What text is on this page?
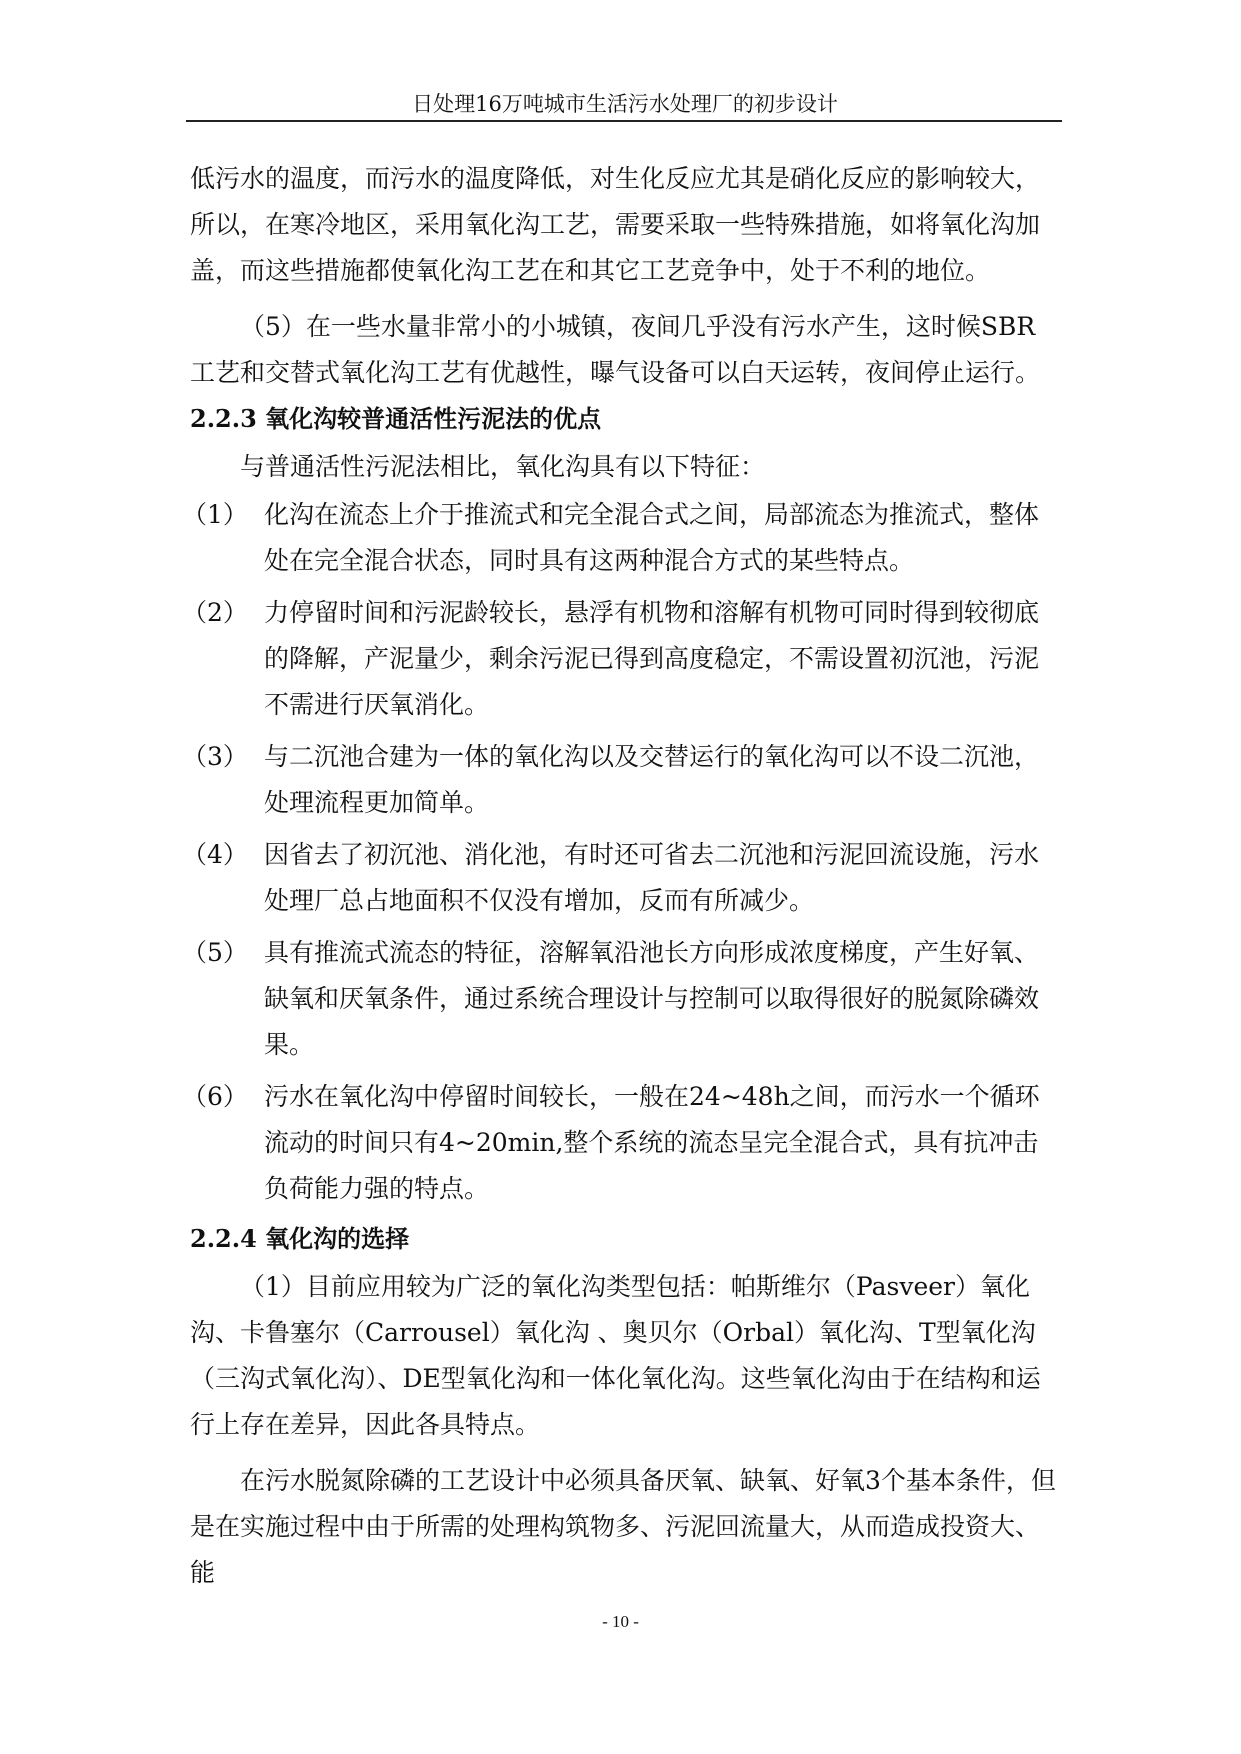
日处理16万吨城市生活污水处理厂的初步设计

低污水的温度，而污水的温度降低，对生化反应尤其是硝化反应的影响较大，所以，在寒冷地区，采用氧化沟工艺，需要采取一些特殊措施，如将氧化沟加盖，而这些措施都使氧化沟工艺在和其它工艺竞争中，处于不利的地位。

（5）在一些水量非常小的小城镇，夜间几乎没有污水产生，这时候SBR工艺和交替式氧化沟工艺有优越性，曝气设备可以白天运转，夜间停止运行。

2.2.3 氧化沟较普通活性污泥法的优点

与普通活性污泥法相比，氧化沟具有以下特征：

（1） 化沟在流态上介于推流式和完全混合式之间，局部流态为推流式，整体处在完全混合状态，同时具有这两种混合方式的某些特点。
（2） 力停留时间和污泥龄较长，悬浮有机物和溶解有机物可同时得到较彻底的降解，产泥量少，剩余污泥已得到高度稳定，不需设置初沉池，污泥不需进行厌氧消化。
（3） 与二沉池合建为一体的氧化沟以及交替运行的氧化沟可以不设二沉池，处理流程更加简单。
（4） 因省去了初沉池、消化池，有时还可省去二沉池和污泥回流设施，污水处理厂总占地面积不仅没有增加，反而有所减少。
（5） 具有推流式流态的特征，溶解氧沿池长方向形成浓度梯度，产生好氧、缺氧和厌氧条件，通过系统合理设计与控制可以取得很好的脱氮除磷效果。
（6） 污水在氧化沟中停留时间较长，一般在24~48h之间，而污水一个循环流动的时间只有4~20min,整个系统的流态呈完全混合式，具有抗冲击负荷能力强的特点。
2.2.4 氧化沟的选择

（1）目前应用较为广泛的氧化沟类型包括：帕斯维尔（Pasveer）氧化沟、卡鲁塞尔（Carrousel）氧化沟 、奥贝尔（Orbal）氧化沟、T型氧化沟（三沟式氧化沟）、DE型氧化沟和一体化氧化沟。这些氧化沟由于在结构和运行上存在差异，因此各具特点。

在污水脱氮除磷的工艺设计中必须具备厌氧、缺氧、好氧3个基本条件，但是在实施过程中由于所需的处理构筑物多、污泥回流量大，从而造成投资大、能

- 10 -
